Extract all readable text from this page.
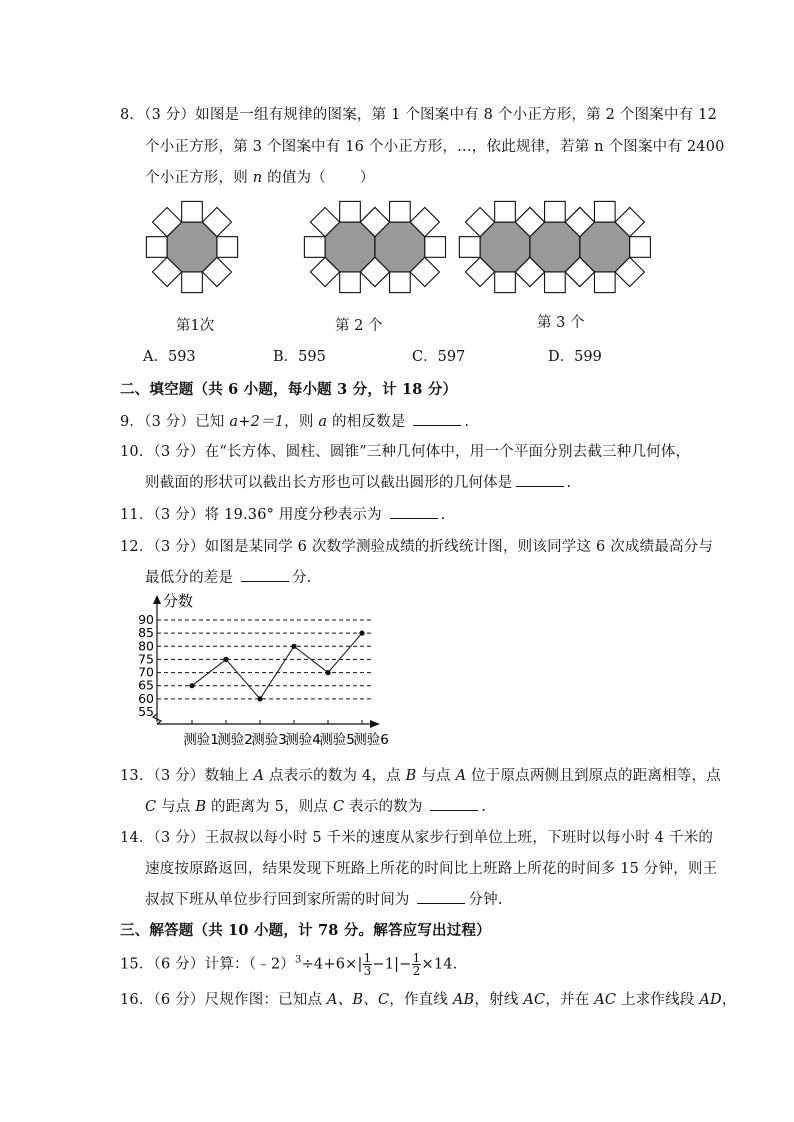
8．（3 分）如图是一组有规律的图案，第 1 个图案中有 8 个小正方形，第 2 个图案中有 12
个小正方形，第 3 个图案中有 16 个小正方形，…，依此规律，若第 n 个图案中有 2400
个小正方形，则 n 的值为（ ）
第1次	第 2 个	第 3 个
A．593	B．595	C．597	D．599
二、填空题（共 6 小题，每小题 3 分，计 18 分）
9．（3 分）已知 a+2＝1，则 a 的相反数是	.
10．（3 分）在“长方体、圆柱、圆锥”三种几何体中，用一个平面分别去截三种几何体，
则截面的形状可以截出长方形也可以截出圆形的几何体是	.
11．（3 分）将 19.36° 用度分秒表示为	.
12．（3 分）如图是某同学 6 次数学测验成绩的折线统计图，则该同学这 6 次成绩最高分与
最低分的差是	分.
分数
55
60
65
70
75
80
85
90
测验1
测验2
测验3
测验4
测验5
测验6
13．（3 分）数轴上 A 点表示的数为 4，点 B 与点 A 位于原点两侧且到原点的距离相等，点
C 与点 B 的距离为 5，则点 C 表示的数为	.
14．（3 分）王叔叔以每小时 5 千米的速度从家步行到单位上班，下班时以每小时 4 千米的
速度按原路返回，结果发现下班路上所花的时间比上班路上所花的时间多 15 分钟，则王
叔叔下班从单位步行回到家所需的时间为	分钟.
三、解答题（共 10 小题，计 78 分。解答应写出过程）
15．（6 分）计算：（﹣2）$^3$÷4+6×| $\frac{1}{3} -1|- \frac{1}{2} \times 14$.
16．（6 分）尺规作图：已知点 A、B、C，作直线 AB，射线 AC，并在 AC 上求作线段 AD，
